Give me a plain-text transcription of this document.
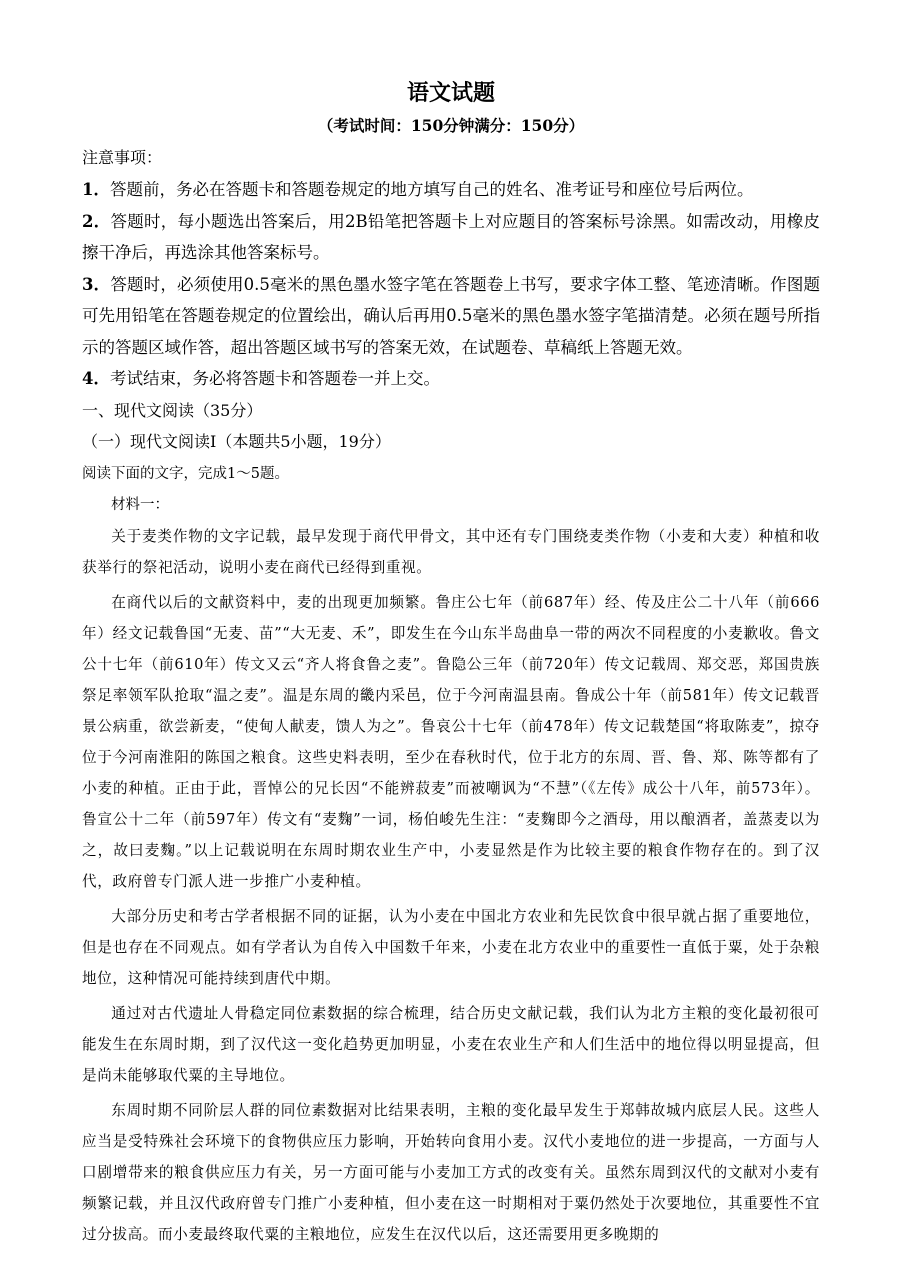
语文试题
（考试时间：150分钟满分：150分）
注意事项：
1．答题前，务必在答题卡和答题卷规定的地方填写自己的姓名、准考证号和座位号后两位。
2．答题时，每小题选出答案后，用2B铅笔把答题卡上对应题目的答案标号涂黑。如需改动，用橡皮擦干净后，再选涂其他答案标号。
3．答题时，必须使用0.5毫米的黑色墨水签字笔在答题卷上书写，要求字体工整、笔迹清晰。作图题可先用铅笔在答题卷规定的位置绘出，确认后再用0.5毫米的黑色墨水签字笔描清楚。必须在题号所指示的答题区域作答，超出答题区域书写的答案无效，在试题卷、草稿纸上答题无效。
4．考试结束，务必将答题卡和答题卷一并上交。
一、现代文阅读（35分）
（一）现代文阅读Ⅰ（本题共5小题，19分）
阅读下面的文字，完成1～5题。
材料一：

关于麦类作物的文字记载，最早发现于商代甲骨文，其中还有专门围绕麦类作物（小麦和大麦）种植和收获举行的祭祀活动，说明小麦在商代已经得到重视。

在商代以后的文献资料中，麦的出现更加频繁。鲁庄公七年（前687年）经、传及庄公二十八年（前666年）经文记载鲁国“无麦、苗”“大无麦、禾”，即发生在今山东半岛曲阜一带的两次不同程度的小麦歉收。鲁文公十七年（前610年）传文又云“齐人将食鲁之麦”。鲁隐公三年（前720年）传文记载周、郑交恶，郑国贵族祭足率领军队抢取“温之麦”。温是东周的畿内采邑，位于今河南温县南。鲁成公十年（前581年）传文记载晋景公病重，欲尝新麦，“使甸人献麦，馈人为之”。鲁哀公十七年（前478年）传文记载楚国“将取陈麦”，掠夺位于今河南淮阳的陈国之粮食。这些史料表明，至少在春秋时代，位于北方的东周、晋、鲁、郑、陈等都有了小麦的种植。正由于此，晋悼公的兄长因“不能辨菽麦”而被嘲讽为“不慧”（《左传》成公十八年，前573年）。鲁宣公十二年（前597年）传文有“麦麴”一词，杨伯峻先生注：“麦麴即今之酒母，用以酿酒者，盖蒸麦以为之，故曰麦麴。”以上记载说明在东周时期农业生产中，小麦显然是作为比较主要的粮食作物存在的。到了汉代，政府曾专门派人进一步推广小麦种植。

大部分历史和考古学者根据不同的证据，认为小麦在中国北方农业和先民饮食中很早就占据了重要地位，但是也存在不同观点。如有学者认为自传入中国数千年来，小麦在北方农业中的重要性一直低于粟，处于杂粮地位，这种情况可能持续到唐代中期。

通过对古代遗址人骨稳定同位素数据的综合梳理，结合历史文献记载，我们认为北方主粮的变化最初很可能发生在东周时期，到了汉代这一变化趋势更加明显，小麦在农业生产和人们生活中的地位得以明显提高，但是尚未能够取代粟的主导地位。

东周时期不同阶层人群的同位素数据对比结果表明，主粮的变化最早发生于郑韩故城内底层人民。这些人应当是受特殊社会环境下的食物供应压力影响，开始转向食用小麦。汉代小麦地位的进一步提高，一方面与人口剧增带来的粮食供应压力有关，另一方面可能与小麦加工方式的改变有关。虽然东周到汉代的文献对小麦有频繁记载，并且汉代政府曾专门推广小麦种植，但小麦在这一时期相对于粟仍然处于次要地位，其重要性不宜过分拔高。而小麦最终取代粟的主粮地位，应发生在汉代以后，这还需要用更多晚期的
